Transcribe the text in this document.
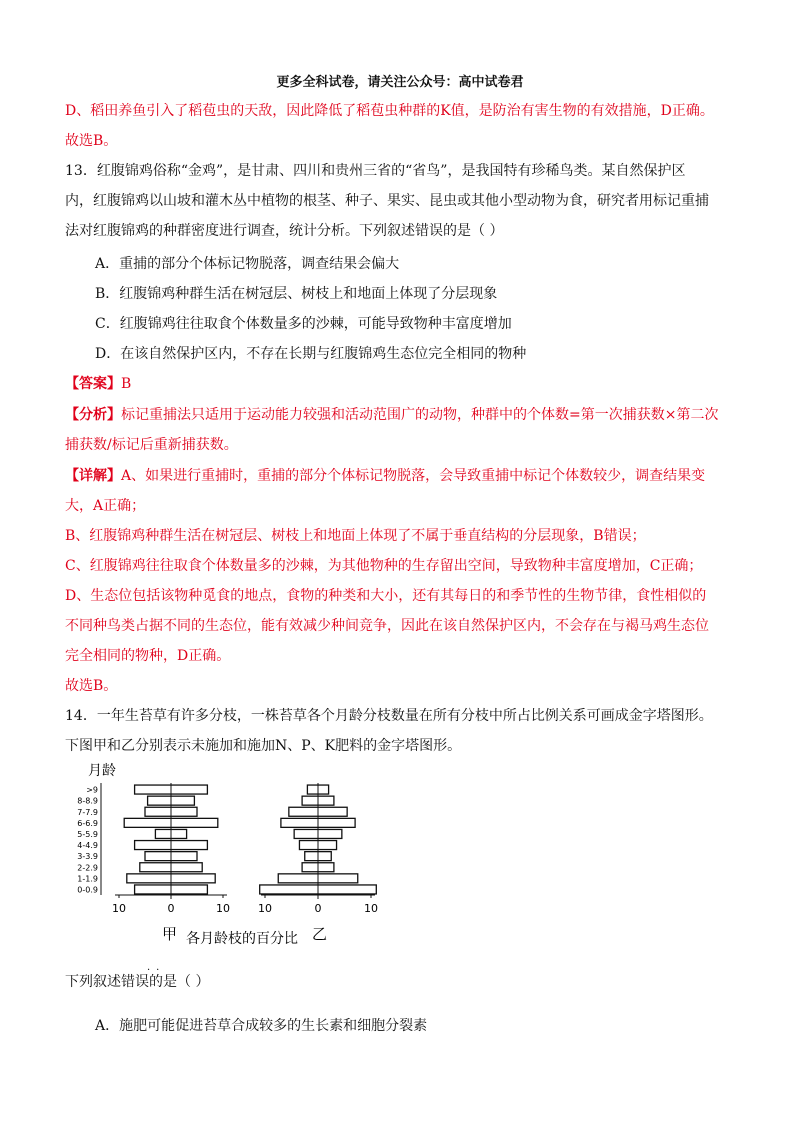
更多全科试卷，请关注公众号：高中试卷君
D、稻田养鱼引入了稻苞虫的天敌，因此降低了稻苞虫种群的K值，是防治有害生物的有效措施，D正确。
故选B。
13．红腹锦鸡俗称“金鸡”，是甘肃、四川和贵州三省的“省鸟”，是我国特有珍稀鸟类。某自然保护区
内，红腹锦鸡以山坡和灌木丛中植物的根茎、种子、果实、昆虫或其他小型动物为食，研究者用标记重捕
法对红腹锦鸡的种群密度进行调查，统计分析。下列叙述错误的是（ ）
A．重捕的部分个体标记物脱落，调查结果会偏大
B．红腹锦鸡种群生活在树冠层、树枝上和地面上体现了分层现象
C．红腹锦鸡往往取食个体数量多的沙棘，可能导致物种丰富度增加
D．在该自然保护区内，不存在长期与红腹锦鸡生态位完全相同的物种
【答案】B
【分析】标记重捕法只适用于运动能力较强和活动范围广的动物，种群中的个体数=第一次捕获数×第二次
捕获数/标记后重新捕获数。
【详解】A、如果进行重捕时，重捕的部分个体标记物脱落，会导致重捕中标记个体数较少，调查结果变
大，A正确；
B、红腹锦鸡种群生活在树冠层、树枝上和地面上体现了不属于垂直结构的分层现象，B错误；
C、红腹锦鸡往往取食个体数量多的沙棘，为其他物种的生存留出空间，导致物种丰富度增加，C正确；
D、生态位包括该物种觅食的地点，食物的种类和大小，还有其每日的和季节性的生物节律，食性相似的
不同种鸟类占据不同的生态位，能有效减少种间竞争，因此在该自然保护区内，不会存在与褐马鸡生态位
完全相同的物种，D正确。
故选B。
14．一年生苔草有许多分枝，一株苔草各个月龄分枝数量在所有分枝中所占比例关系可画成金字塔图形。
下图甲和乙分别表示未施加和施加N、P、K肥料的金字塔图形。
月龄
0-0.9
1-1.9
2-2.9
3-3.9
4-4.9
5-5.9
6-6.9
7-7.9
8-8.9
>9
10	0	10	10	0	10
甲 各月龄枝的百分比 乙
下列叙述错误的是（ ）
··
A．施肥可能促进苔草合成较多的生长素和细胞分裂素
